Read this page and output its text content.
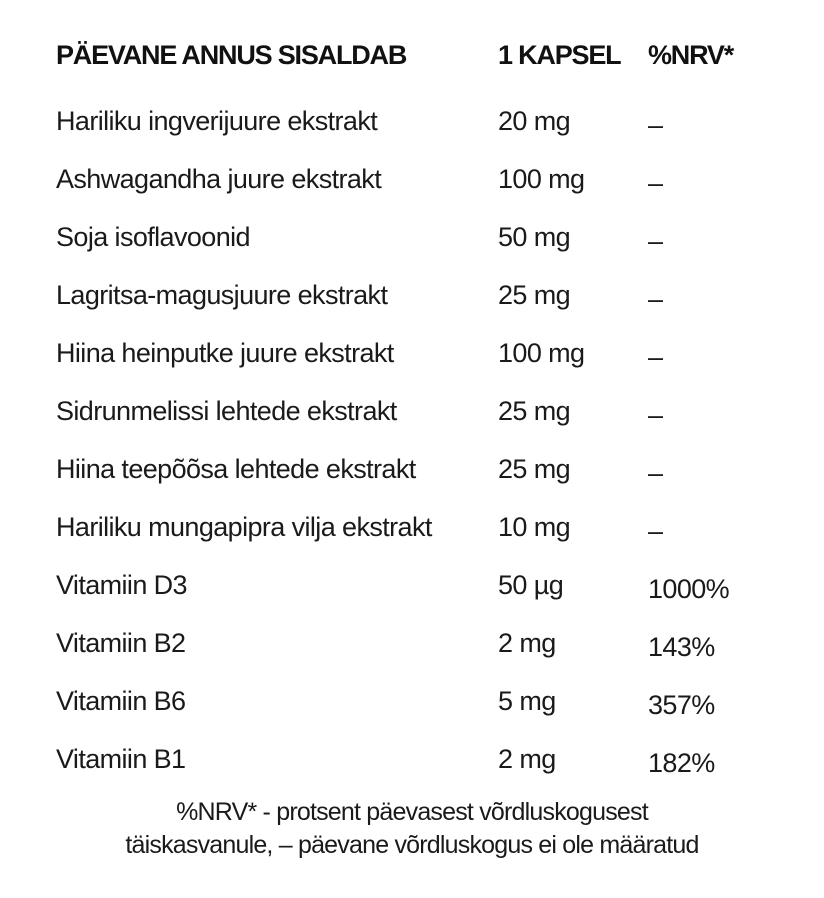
PÄEVANE ANNUS SISALDAB	1 KAPSEL	%NRV*
Hariliku ingverijuure ekstrakt	20 mg	–
Ashwagandha juure ekstrakt	100 mg	–
Soja isoflavoonid	50 mg	–
Lagritsa-magusjuure ekstrakt	25 mg	–
Hiina heinputke juure ekstrakt	100 mg	–
Sidrunmelissi lehtede ekstrakt	25 mg	–
Hiina teepõõsa lehtede ekstrakt	25 mg	–
Hariliku mungapipra vilja ekstrakt	10 mg	–
Vitamiin D3	50 µg	1000%
Vitamiin B2	2 mg	143%
Vitamiin B6	5 mg	357%
Vitamiin B1	2 mg	182%
%NRV* - protsent päevasest võrdluskogusest
täiskasvanule, – päevane võrdluskogus ei ole määratud
